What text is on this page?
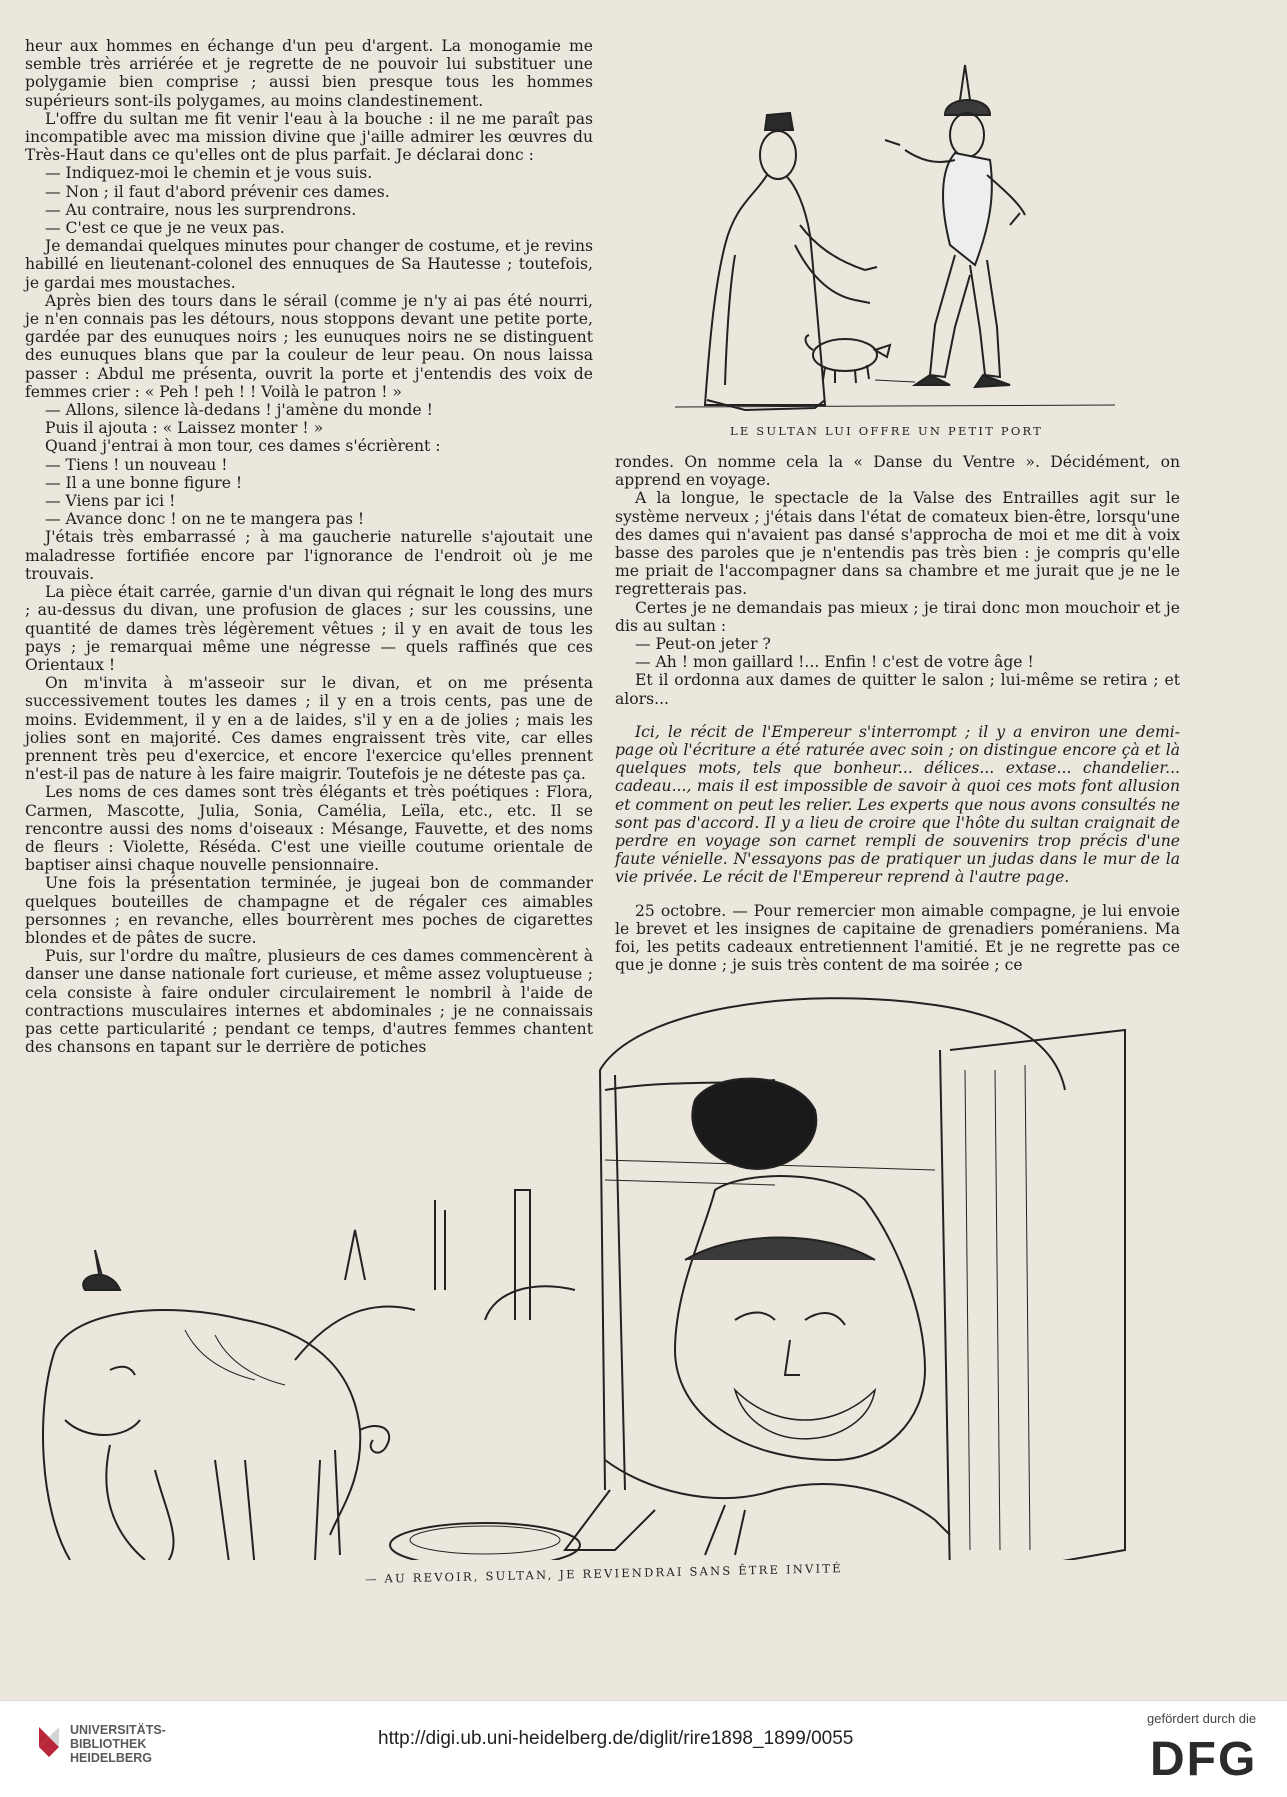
heur aux hommes en échange d'un peu d'argent. La monogamie me semble très arriérée et je regrette de ne pouvoir lui substituer une polygamie bien comprise ; aussi bien presque tous les hommes supérieurs sont-ils polygames, au moins clandestinement.

L'offre du sultan me fit venir l'eau à la bouche : il ne me paraît pas incompatible avec ma mission divine que j'aille admirer les œuvres du Très-Haut dans ce qu'elles ont de plus parfait. Je déclarai donc :

— Indiquez-moi le chemin et je vous suis.

— Non ; il faut d'abord prévenir ces dames.

— Au contraire, nous les surprendrons.

— C'est ce que je ne veux pas.

Je demandai quelques minutes pour changer de costume, et je revins habillé en lieutenant-colonel des ennuques de Sa Hautesse ; toutefois, je gardai mes moustaches.

Après bien des tours dans le sérail (comme je n'y ai pas été nourri, je n'en connais pas les détours, nous stoppons devant une petite porte, gardée par des eunuques noirs ; les eunuques noirs ne se distinguent des eunuques blans que par la couleur de leur peau. On nous laissa passer : Abdul me présenta, ouvrit la porte et j'entendis des voix de femmes crier : « Peh ! peh ! ! Voilà le patron ! »

— Allons, silence là-dedans ! j'amène du monde !

Puis il ajouta : « Laissez monter ! »

Quand j'entrai à mon tour, ces dames s'écrièrent :

— Tiens ! un nouveau !

— Il a une bonne figure !

— Viens par ici !

— Avance donc ! on ne te mangera pas !

J'étais très embarrassé ; à ma gaucherie naturelle s'ajoutait une maladresse fortifiée encore par l'ignorance de l'endroit où je me trouvais.

La pièce était carrée, garnie d'un divan qui régnait le long des murs ; au-dessus du divan, une profusion de glaces ; sur les coussins, une quantité de dames très légèrement vêtues ; il y en avait de tous les pays ; je remarquai même une négresse — quels raffinés que ces Orientaux !

On m'invita à m'asseoir sur le divan, et on me présenta successivement toutes les dames ; il y en a trois cents, pas une de moins. Evidemment, il y en a de laides, s'il y en a de jolies ; mais les jolies sont en majorité. Ces dames engraissent très vite, car elles prennent très peu d'exercice, et encore l'exercice qu'elles prennent n'est-il pas de nature à les faire maigrir. Toutefois je ne déteste pas ça.

Les noms de ces dames sont très élégants et très poétiques : Flora, Carmen, Mascotte, Julia, Sonia, Camélia, Leïla, etc., etc. Il se rencontre aussi des noms d'oiseaux : Mésange, Fauvette, et des noms de fleurs : Violette, Réséda. C'est une vieille coutume orientale de baptiser ainsi chaque nouvelle pensionnaire.

Une fois la présentation terminée, je jugeai bon de commander quelques bouteilles de champagne et de régaler ces aimables personnes ; en revanche, elles bourrèrent mes poches de cigarettes blondes et de pâtes de sucre.

Puis, sur l'ordre du maître, plusieurs de ces dames commencèrent à danser une danse nationale fort curieuse, et même assez voluptueuse ; cela consiste à faire onduler circulairement le nombril à l'aide de contractions musculaires internes et abdominales ; je ne connaissais pas cette particularité ; pendant ce temps, d'autres femmes chantent des chansons en tapant sur le derrière de potiches

LE SULTAN LUI OFFRE UN PETIT PORT

rondes. On nomme cela la « Danse du Ventre ». Décidément, on apprend en voyage.

A la longue, le spectacle de la Valse des Entrailles agit sur le système nerveux ; j'étais dans l'état de comateux bien-être, lorsqu'une des dames qui n'avaient pas dansé s'approcha de moi et me dit à voix basse des paroles que je n'entendis pas très bien : je compris qu'elle me priait de l'accompagner dans sa chambre et me jurait que je ne le regretterais pas.

Certes je ne demandais pas mieux ; je tirai donc mon mouchoir et je dis au sultan :

— Peut-on jeter ?

— Ah ! mon gaillard !... Enfin ! c'est de votre âge !

Et il ordonna aux dames de quitter le salon ; lui-même se retira ; et alors...

Ici, le récit de l'Empereur s'interrompt ; il y a environ une demi-page où l'écriture a été raturée avec soin ; on distingue encore çà et là quelques mots, tels que bonheur... délices... extase... chandelier... cadeau..., mais il est impossible de savoir à quoi ces mots font allusion et comment on peut les relier. Les experts que nous avons consultés ne sont pas d'accord. Il y a lieu de croire que l'hôte du sultan craignait de perdre en voyage son carnet rempli de souvenirs trop précis d'une faute vénielle. N'essayons pas de pratiquer un judas dans le mur de la vie privée. Le récit de l'Empereur reprend à l'autre page.

25 octobre. — Pour remercier mon aimable compagne, je lui envoie le brevet et les insignes de capitaine de grenadiers poméraniens. Ma foi, les petits cadeaux entretiennent l'amitié. Et je ne regrette pas ce que je donne ; je suis très content de ma soirée ; ce

— AU REVOIR, SULTAN, JE REVIENDRAI SANS ÊTRE INVITÉ
UNIVERSITÄTS-
BIBLIOTHEK
HEIDELBERG
http://digi.ub.uni-heidelberg.de/diglit/rire1898_1899/0055
gefördert durch die
DFG
